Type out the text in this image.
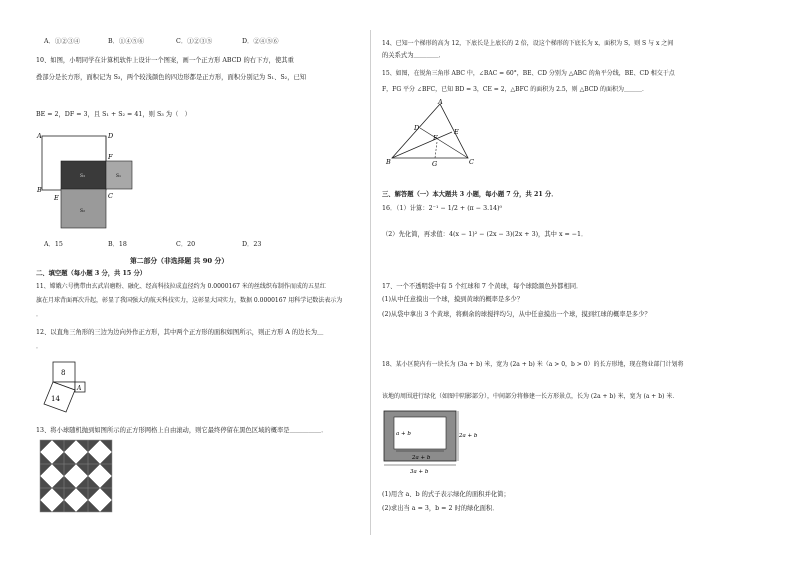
A．①②③④	B．①④⑤⑥	C．①②③⑤	D．②④⑤⑥
10、如图，小明同学在计算机软件上设计一个图案，画一个正方形 ABCD 的右下方，使其重
叠部分是长方形，面积记为 S₃，两个较浅颜色的四边形都是正方形，面积分别记为 S₁、S₂，已知
BE = 2，DF = 3，且 S₁ + S₂ = 41，则 S₃ 为（　）
A	D
F
B
E	C
S₃	S₁
S₂
A．15	B．18	C．20	D．23
第二部分（非选择题 共 90 分）
二、填空题（每小题 3 分，共 15 分）
11、嫦娥六号携带由玄武岩磨粉、融化、经高科技拉成直径约为 0.0000167 米的丝线织布制作而成的五星红
旗在月球背面再次升起，彰显了我国强大的航天科技实力，这彰显大国实力，数据 0.0000167 用科学记数法表示为
．
12、以直角三角形的三边为边向外作正方形，其中两个正方形的面积如图所示，则正方形 A 的边长为＿
．
8
A
14
13、将小球随机抛到如图所示的正方形网格上自由滚动，则它最终停留在黑色区域的概率是＿＿＿＿＿．
14、已知一个梯形的高为 12，下底长是上底长的 2 倍，设这个梯形的下底长为 x，面积为 S，则 S 与 x 之间
的关系式为＿＿＿＿．
15、如图，在锐角三角形 ABC 中，∠BAC = 60°，BE、CD 分别为 △ABC 的角平分线，BE、CD 相交于点
F，FG 平分 ∠BFC，已知 BD = 3，CE = 2，△BFC 的面积为 2.5，则 △BCD 的面积为＿＿＿．
A
D	E
F
B	G	C
三、解答题（一）本大题共 3 小题，每小题 7 分，共 21 分．
16．（1）计算：2⁻¹ − 1/2 + (π − 3.14)⁰
（2）先化简，再求值：4(x − 1)² − (2x − 3)(2x + 3)，其中 x = −1．
17、一个不透明袋中有 5 个红球和 7 个黄球，每个球除颜色外都相同．
(1)从中任意摸出一个球，摸到黄球的概率是多少？
(2)从袋中拿出 3 个黄球，将剩余的球搅拌均匀，从中任意摸出一个球，摸到红球的概率是多少？
18、某小区院内有一块长为 (3a + b) 米，宽为 (2a + b) 米（a > 0，b > 0）的长方形地，现在物业部门计划将
该地的周围进行绿化（如图中阴影部分），中间部分将修建一长方形景点，长为 (2a + b) 米，宽为 (a + b) 米．
a + b
2a + b
2a + b
3a + b
(1)用含 a、b 的式子表示绿化的面积并化简；
(2)求出当 a = 3，b = 2 时的绿化面积．
